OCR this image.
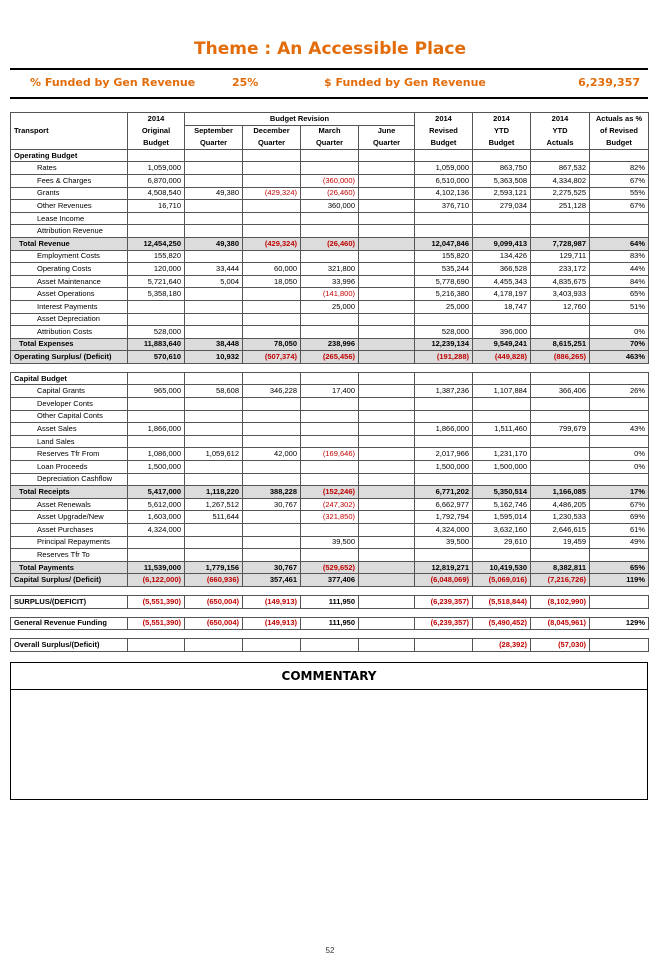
Theme : An Accessible Place
% Funded by Gen Revenue	25%	$ Funded by Gen Revenue	6,239,357
	2014	Budget Revision				2014	2014	2014	Actuals as %
Transport	Original	September	December	March	June	Revised	YTD	YTD	of Revised
	Budget	Quarter	Quarter	Quarter	Quarter	Budget	Budget	Actuals	Budget
Operating Budget									
Rates	1,059,000					1,059,000	863,750	867,532	82%
Fees & Charges	6,870,000			(360,000)		6,510,000	5,363,508	4,334,802	67%
Grants	4,508,540	49,380	(429,324)	(26,460)		4,102,136	2,593,121	2,275,525	55%
Other Revenues	16,710			360,000		376,710	279,034	251,128	67%
Lease Income									
Attribution Revenue									
Total Revenue	12,454,250	49,380	(429,324)	(26,460)		12,047,846	9,099,413	7,728,987	64%
Employment Costs	155,820					155,820	134,426	129,711	83%
Operating Costs	120,000	33,444	60,000	321,800		535,244	366,528	233,172	44%
Asset Maintenance	5,721,640	5,004	18,050	33,996		5,778,690	4,455,343	4,835,675	84%
Asset Operations	5,358,180			(141,800)		5,216,380	4,178,197	3,403,933	65%
Interest Payments				25,000		25,000	18,747	12,760	51%
Asset Depreciation									
Attribution Costs	528,000					528,000	396,000		0%
Total Expenses	11,883,640	38,448	78,050	238,996		12,239,134	9,549,241	8,615,251	70%
Operating Surplus/ (Deficit)	570,610	10,932	(507,374)	(265,456)		(191,288)	(449,828)	(886,265)	463%

Capital Budget									
Capital Grants	965,000	58,608	346,228	17,400		1,387,236	1,107,884	366,406	26%
Developer Conts									
Other Capital Conts									
Asset Sales	1,866,000					1,866,000	1,511,460	799,679	43%
Land Sales									
Reserves Tfr From	1,086,000	1,059,612	42,000	(169,646)		2,017,966	1,231,170		0%
Loan Proceeds	1,500,000					1,500,000	1,500,000		0%
Depreciation Cashflow									
Total Receipts	5,417,000	1,118,220	388,228	(152,246)		6,771,202	5,350,514	1,166,085	17%
Asset Renewals	5,612,000	1,267,512	30,767	(247,302)		6,662,977	5,162,746	4,486,205	67%
Asset Upgrade/New	1,603,000	511,644		(321,850)		1,792,794	1,595,014	1,230,533	69%
Asset Purchases	4,324,000					4,324,000	3,632,160	2,646,615	61%
Principal Repayments				39,500		39,500	29,610	19,459	49%
Reserves Tfr To									
Total Payments	11,539,000	1,779,156	30,767	(529,652)		12,819,271	10,419,530	8,382,811	65%
Capital Surplus/ (Deficit)	(6,122,000)	(660,936)	357,461	377,406		(6,048,069)	(5,069,016)	(7,216,726)	119%

SURPLUS/(DEFICIT)	(5,551,390)	(650,004)	(149,913)	111,950		(6,239,357)	(5,518,844)	(8,102,990)	

General Revenue Funding	(5,551,390)	(650,004)	(149,913)	111,950		(6,239,357)	(5,490,452)	(8,045,961)	129%

Overall Surplus/(Deficit)							(28,392)	(57,030)	
COMMENTARY
52
